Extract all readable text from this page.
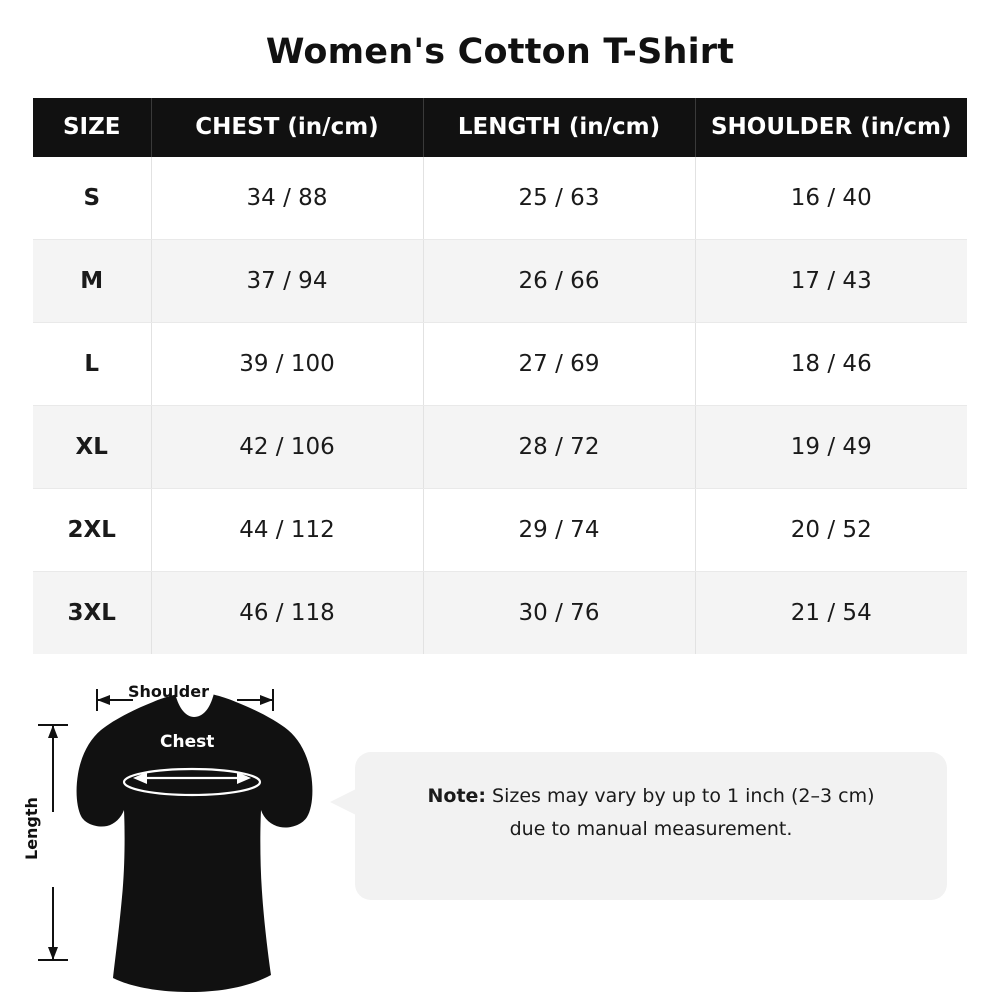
Women's Cotton T-Shirt
SIZE	CHEST (in/cm)	LENGTH (in/cm)	SHOULDER (in/cm)
S	34 / 88	25 / 63	16 / 40
M	37 / 94	26 / 66	17 / 43
L	39 / 100	27 / 69	18 / 46
XL	42 / 106	28 / 72	19 / 49
2XL	44 / 112	29 / 74	20 / 52
3XL	46 / 118	30 / 76	21 / 54
Chest
Shoulder
Length
Note: Sizes may vary by up to 1 inch (2–3 cm)
due to manual measurement.
